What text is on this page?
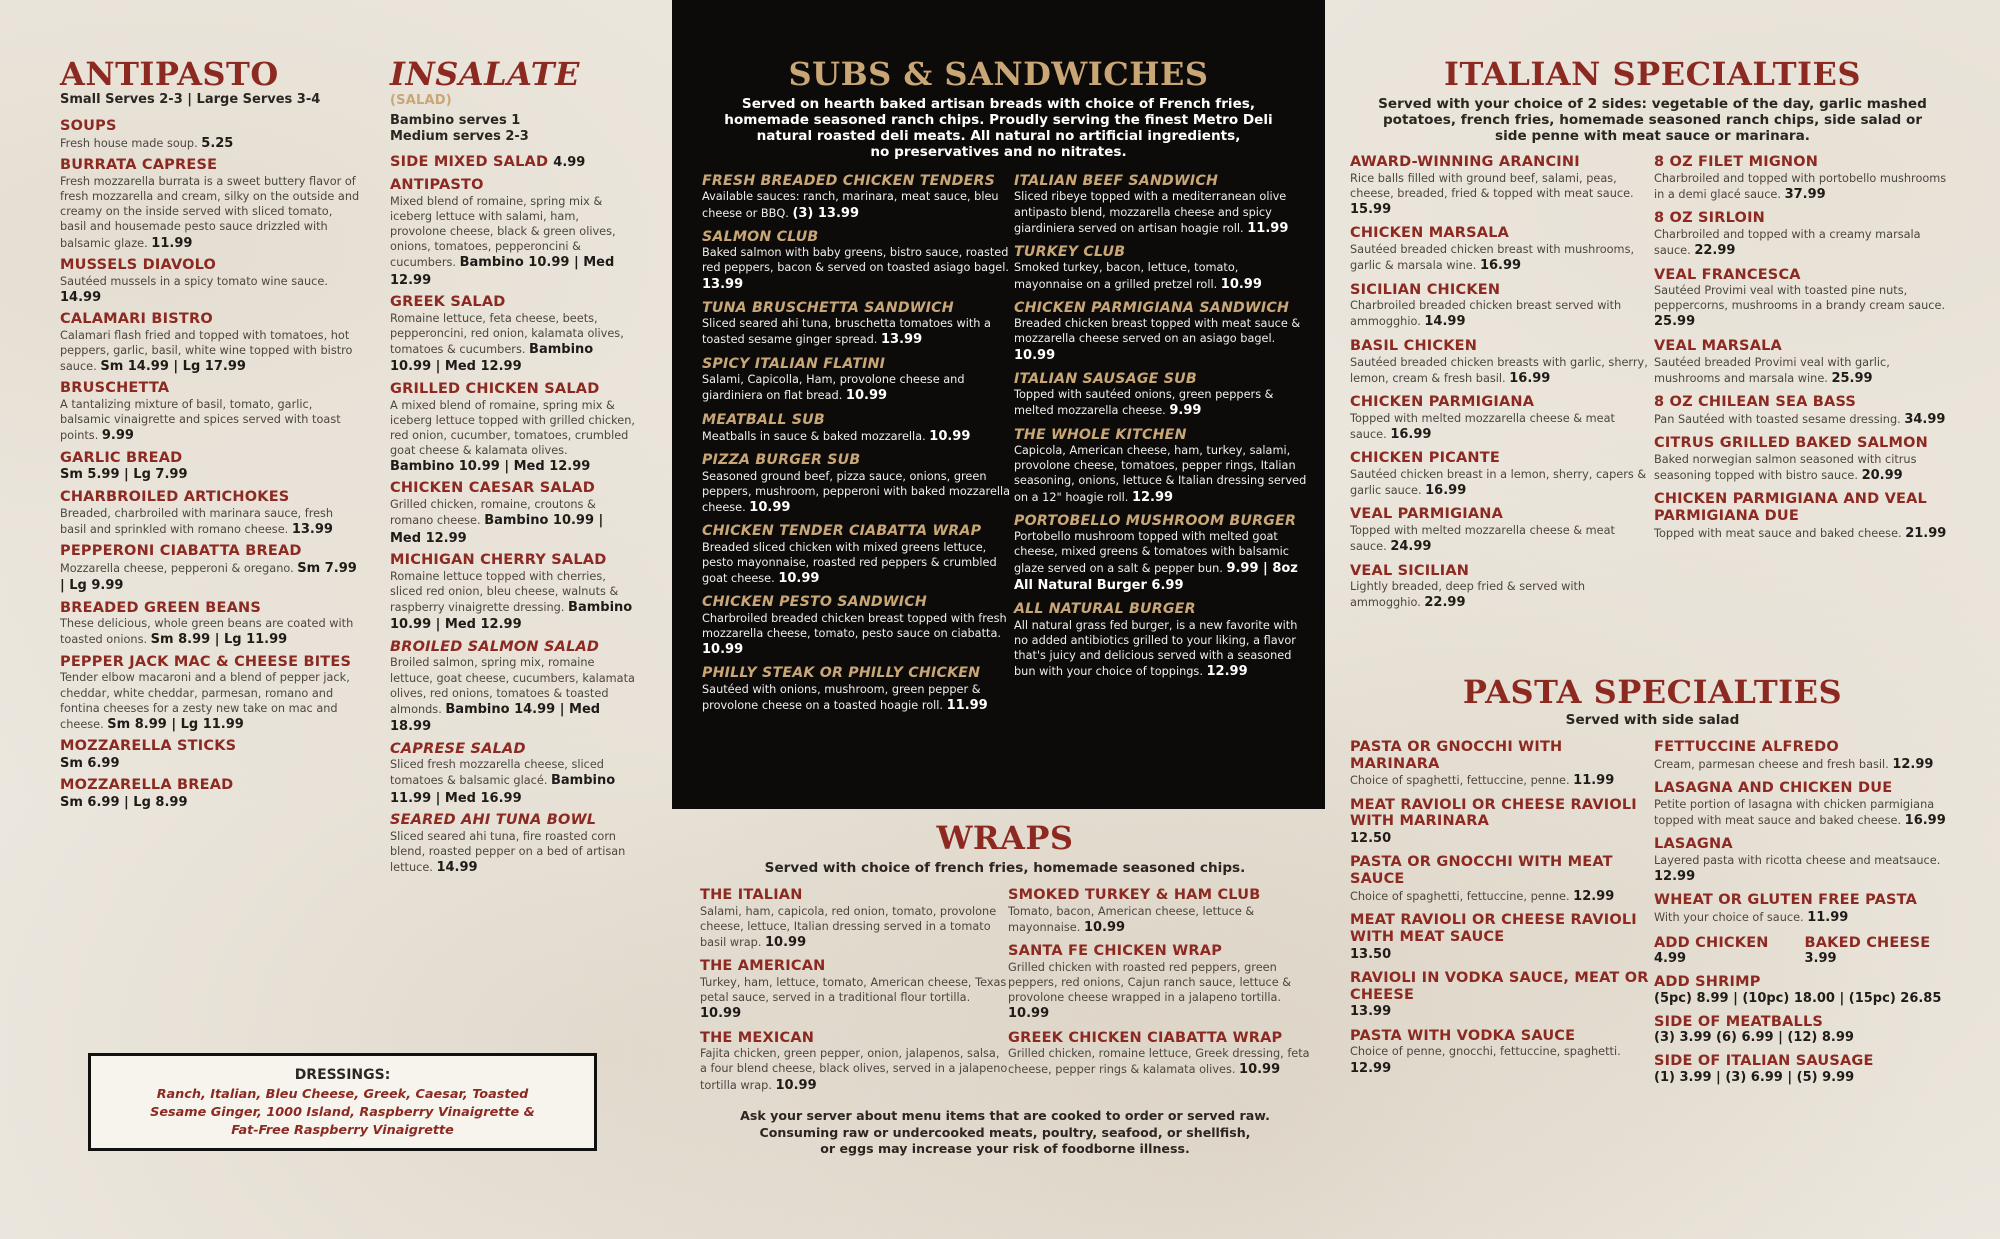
ANTIPASTO
Small Serves 2-3 | Large Serves 3-4
SOUPS
Fresh house made soup. 5.25
BURRATA CAPRESE
Fresh mozzarella burrata is a sweet buttery flavor of fresh mozzarella and cream, silky on the outside and creamy on the inside served with sliced tomato, basil and housemade pesto sauce drizzled with balsamic glaze. 11.99
MUSSELS DIAVOLO
Sautéed mussels in a spicy tomato wine sauce. 14.99
CALAMARI BISTRO
Calamari flash fried and topped with tomatoes, hot peppers, garlic, basil, white wine topped with bistro sauce. Sm 14.99 | Lg 17.99
BRUSCHETTA
A tantalizing mixture of basil, tomato, garlic, balsamic vinaigrette and spices served with toast points. 9.99
GARLIC BREAD
Sm 5.99 | Lg 7.99
CHARBROILED ARTICHOKES
Breaded, charbroiled with marinara sauce, fresh basil and sprinkled with romano cheese. 13.99
PEPPERONI CIABATTA BREAD
Mozzarella cheese, pepperoni & oregano. Sm 7.99 | Lg 9.99
BREADED GREEN BEANS
These delicious, whole green beans are coated with toasted onions. Sm 8.99 | Lg 11.99
PEPPER JACK MAC & CHEESE BITES
Tender elbow macaroni and a blend of pepper jack, cheddar, white cheddar, parmesan, romano and fontina cheeses for a zesty new take on mac and cheese. Sm 8.99 | Lg 11.99
MOZZARELLA STICKS
Sm 6.99
MOZZARELLA BREAD
Sm 6.99 | Lg 8.99
INSALATE
(SALAD)
Bambino serves 1
Medium serves 2-3
SIDE MIXED SALAD 4.99
ANTIPASTO
Mixed blend of romaine, spring mix & iceberg lettuce with salami, ham, provolone cheese, black & green olives, onions, tomatoes, pepperoncini & cucumbers. Bambino 10.99 | Med 12.99
GREEK SALAD
Romaine lettuce, feta cheese, beets, pepperoncini, red onion, kalamata olives, tomatoes & cucumbers. Bambino 10.99 | Med 12.99
GRILLED CHICKEN SALAD
A mixed blend of romaine, spring mix & iceberg lettuce topped with grilled chicken, red onion, cucumber, tomatoes, crumbled goat cheese & kalamata olives. Bambino 10.99 | Med 12.99
CHICKEN CAESAR SALAD
Grilled chicken, romaine, croutons & romano cheese. Bambino 10.99 | Med 12.99
MICHIGAN CHERRY SALAD
Romaine lettuce topped with cherries, sliced red onion, bleu cheese, walnuts & raspberry vinaigrette dressing. Bambino 10.99 | Med 12.99
BROILED SALMON SALAD
Broiled salmon, spring mix, romaine lettuce, goat cheese, cucumbers, kalamata olives, red onions, tomatoes & toasted almonds. Bambino 14.99 | Med 18.99
CAPRESE SALAD
Sliced fresh mozzarella cheese, sliced tomatoes & balsamic glacé. Bambino 11.99 | Med 16.99
SEARED AHI TUNA BOWL
Sliced seared ahi tuna, fire roasted corn blend, roasted pepper on a bed of artisan lettuce. 14.99
DRESSINGS:
Ranch, Italian, Bleu Cheese, Greek, Caesar, Toasted
Sesame Ginger, 1000 Island, Raspberry Vinaigrette &
Fat-Free Raspberry Vinaigrette
SUBS & SANDWICHES
Served on hearth baked artisan breads with choice of French fries,
homemade seasoned ranch chips. Proudly serving the finest Metro Deli
natural roasted deli meats. All natural no artificial ingredients,
no preservatives and no nitrates.
FRESH BREADED CHICKEN TENDERS
Available sauces: ranch, marinara, meat sauce, bleu cheese or BBQ. (3) 13.99
SALMON CLUB
Baked salmon with baby greens, bistro sauce, roasted red peppers, bacon & served on toasted asiago bagel. 13.99
TUNA BRUSCHETTA SANDWICH
Sliced seared ahi tuna, bruschetta tomatoes with a toasted sesame ginger spread. 13.99
SPICY ITALIAN FLATINI
Salami, Capicolla, Ham, provolone cheese and giardiniera on flat bread. 10.99
MEATBALL SUB
Meatballs in sauce & baked mozzarella. 10.99
PIZZA BURGER SUB
Seasoned ground beef, pizza sauce, onions, green peppers, mushroom, pepperoni with baked mozzarella cheese. 10.99
CHICKEN TENDER CIABATTA WRAP
Breaded sliced chicken with mixed greens lettuce, pesto mayonnaise, roasted red peppers & crumbled goat cheese. 10.99
CHICKEN PESTO SANDWICH
Charbroiled breaded chicken breast topped with fresh mozzarella cheese, tomato, pesto sauce on ciabatta. 10.99
PHILLY STEAK OR PHILLY CHICKEN
Sautéed with onions, mushroom, green pepper & provolone cheese on a toasted hoagie roll. 11.99
ITALIAN BEEF SANDWICH
Sliced ribeye topped with a mediterranean olive antipasto blend, mozzarella cheese and spicy giardiniera served on artisan hoagie roll. 11.99
TURKEY CLUB
Smoked turkey, bacon, lettuce, tomato, mayonnaise on a grilled pretzel roll. 10.99
CHICKEN PARMIGIANA SANDWICH
Breaded chicken breast topped with meat sauce & mozzarella cheese served on an asiago bagel. 10.99
ITALIAN SAUSAGE SUB
Topped with sautéed onions, green peppers & melted mozzarella cheese. 9.99
THE WHOLE KITCHEN
Capicola, American cheese, ham, turkey, salami, provolone cheese, tomatoes, pepper rings, Italian seasoning, onions, lettuce & Italian dressing served on a 12" hoagie roll. 12.99
PORTOBELLO MUSHROOM BURGER
Portobello mushroom topped with melted goat cheese, mixed greens & tomatoes with balsamic glaze served on a salt & pepper bun. 9.99 | 8oz All Natural Burger 6.99
ALL NATURAL BURGER
All natural grass fed burger, is a new favorite with no added antibiotics grilled to your liking, a flavor that's juicy and delicious served with a seasoned bun with your choice of toppings. 12.99
WRAPS
Served with choice of french fries, homemade seasoned chips.
THE ITALIAN
Salami, ham, capicola, red onion, tomato, provolone cheese, lettuce, Italian dressing served in a tomato basil wrap. 10.99
THE AMERICAN
Turkey, ham, lettuce, tomato, American cheese, Texas petal sauce, served in a traditional flour tortilla. 10.99
THE MEXICAN
Fajita chicken, green pepper, onion, jalapenos, salsa, a four blend cheese, black olives, served in a jalapeno tortilla wrap. 10.99
SMOKED TURKEY & HAM CLUB
Tomato, bacon, American cheese, lettuce & mayonnaise. 10.99
SANTA FE CHICKEN WRAP
Grilled chicken with roasted red peppers, green peppers, red onions, Cajun ranch sauce, lettuce & provolone cheese wrapped in a jalapeno tortilla. 10.99
GREEK CHICKEN CIABATTA WRAP
Grilled chicken, romaine lettuce, Greek dressing, feta cheese, pepper rings & kalamata olives. 10.99
Ask your server about menu items that are cooked to order or served raw.
Consuming raw or undercooked meats, poultry, seafood, or shellfish,
or eggs may increase your risk of foodborne illness.
ITALIAN SPECIALTIES
Served with your choice of 2 sides: vegetable of the day, garlic mashed
potatoes, french fries, homemade seasoned ranch chips, side salad or
side penne with meat sauce or marinara.
AWARD-WINNING ARANCINI
Rice balls filled with ground beef, salami, peas, cheese, breaded, fried & topped with meat sauce. 15.99
CHICKEN MARSALA
Sautéed breaded chicken breast with mushrooms, garlic & marsala wine. 16.99
SICILIAN CHICKEN
Charbroiled breaded chicken breast served with ammogghio. 14.99
BASIL CHICKEN
Sautéed breaded chicken breasts with garlic, sherry, lemon, cream & fresh basil. 16.99
CHICKEN PARMIGIANA
Topped with melted mozzarella cheese & meat sauce. 16.99
CHICKEN PICANTE
Sautéed chicken breast in a lemon, sherry, capers & garlic sauce. 16.99
VEAL PARMIGIANA
Topped with melted mozzarella cheese & meat sauce. 24.99
VEAL SICILIAN
Lightly breaded, deep fried & served with ammogghio. 22.99
8 OZ FILET MIGNON
Charbroiled and topped with portobello mushrooms in a demi glacé sauce. 37.99
8 OZ SIRLOIN
Charbroiled and topped with a creamy marsala sauce. 22.99
VEAL FRANCESCA
Sautéed Provimi veal with toasted pine nuts, peppercorns, mushrooms in a brandy cream sauce. 25.99
VEAL MARSALA
Sautéed breaded Provimi veal with garlic, mushrooms and marsala wine. 25.99
8 OZ CHILEAN SEA BASS
Pan Sautéed with toasted sesame dressing. 34.99
CITRUS GRILLED BAKED SALMON
Baked norwegian salmon seasoned with citrus seasoning topped with bistro sauce. 20.99
CHICKEN PARMIGIANA AND VEAL PARMIGIANA DUE
Topped with meat sauce and baked cheese. 21.99
PASTA SPECIALTIES
Served with side salad
PASTA OR GNOCCHI WITH MARINARA
Choice of spaghetti, fettuccine, penne. 11.99
MEAT RAVIOLI OR CHEESE RAVIOLI WITH MARINARA
12.50
PASTA OR GNOCCHI WITH MEAT SAUCE
Choice of spaghetti, fettuccine, penne. 12.99
MEAT RAVIOLI OR CHEESE RAVIOLI WITH MEAT SAUCE
13.50
RAVIOLI IN VODKA SAUCE, MEAT OR CHEESE
13.99
PASTA WITH VODKA SAUCE
Choice of penne, gnocchi, fettuccine, spaghetti. 12.99
FETTUCCINE ALFREDO
Cream, parmesan cheese and fresh basil. 12.99
LASAGNA AND CHICKEN DUE
Petite portion of lasagna with chicken parmigiana topped with meat sauce and baked cheese. 16.99
LASAGNA
Layered pasta with ricotta cheese and meatsauce. 12.99
WHEAT OR GLUTEN FREE PASTA
With your choice of sauce. 11.99
ADD CHICKEN
4.99
BAKED CHEESE
3.99
ADD SHRIMP
(5pc) 8.99 | (10pc) 18.00 | (15pc) 26.85
SIDE OF MEATBALLS
(3) 3.99 (6) 6.99 | (12) 8.99
SIDE OF ITALIAN SAUSAGE
(1) 3.99 | (3) 6.99 | (5) 9.99
